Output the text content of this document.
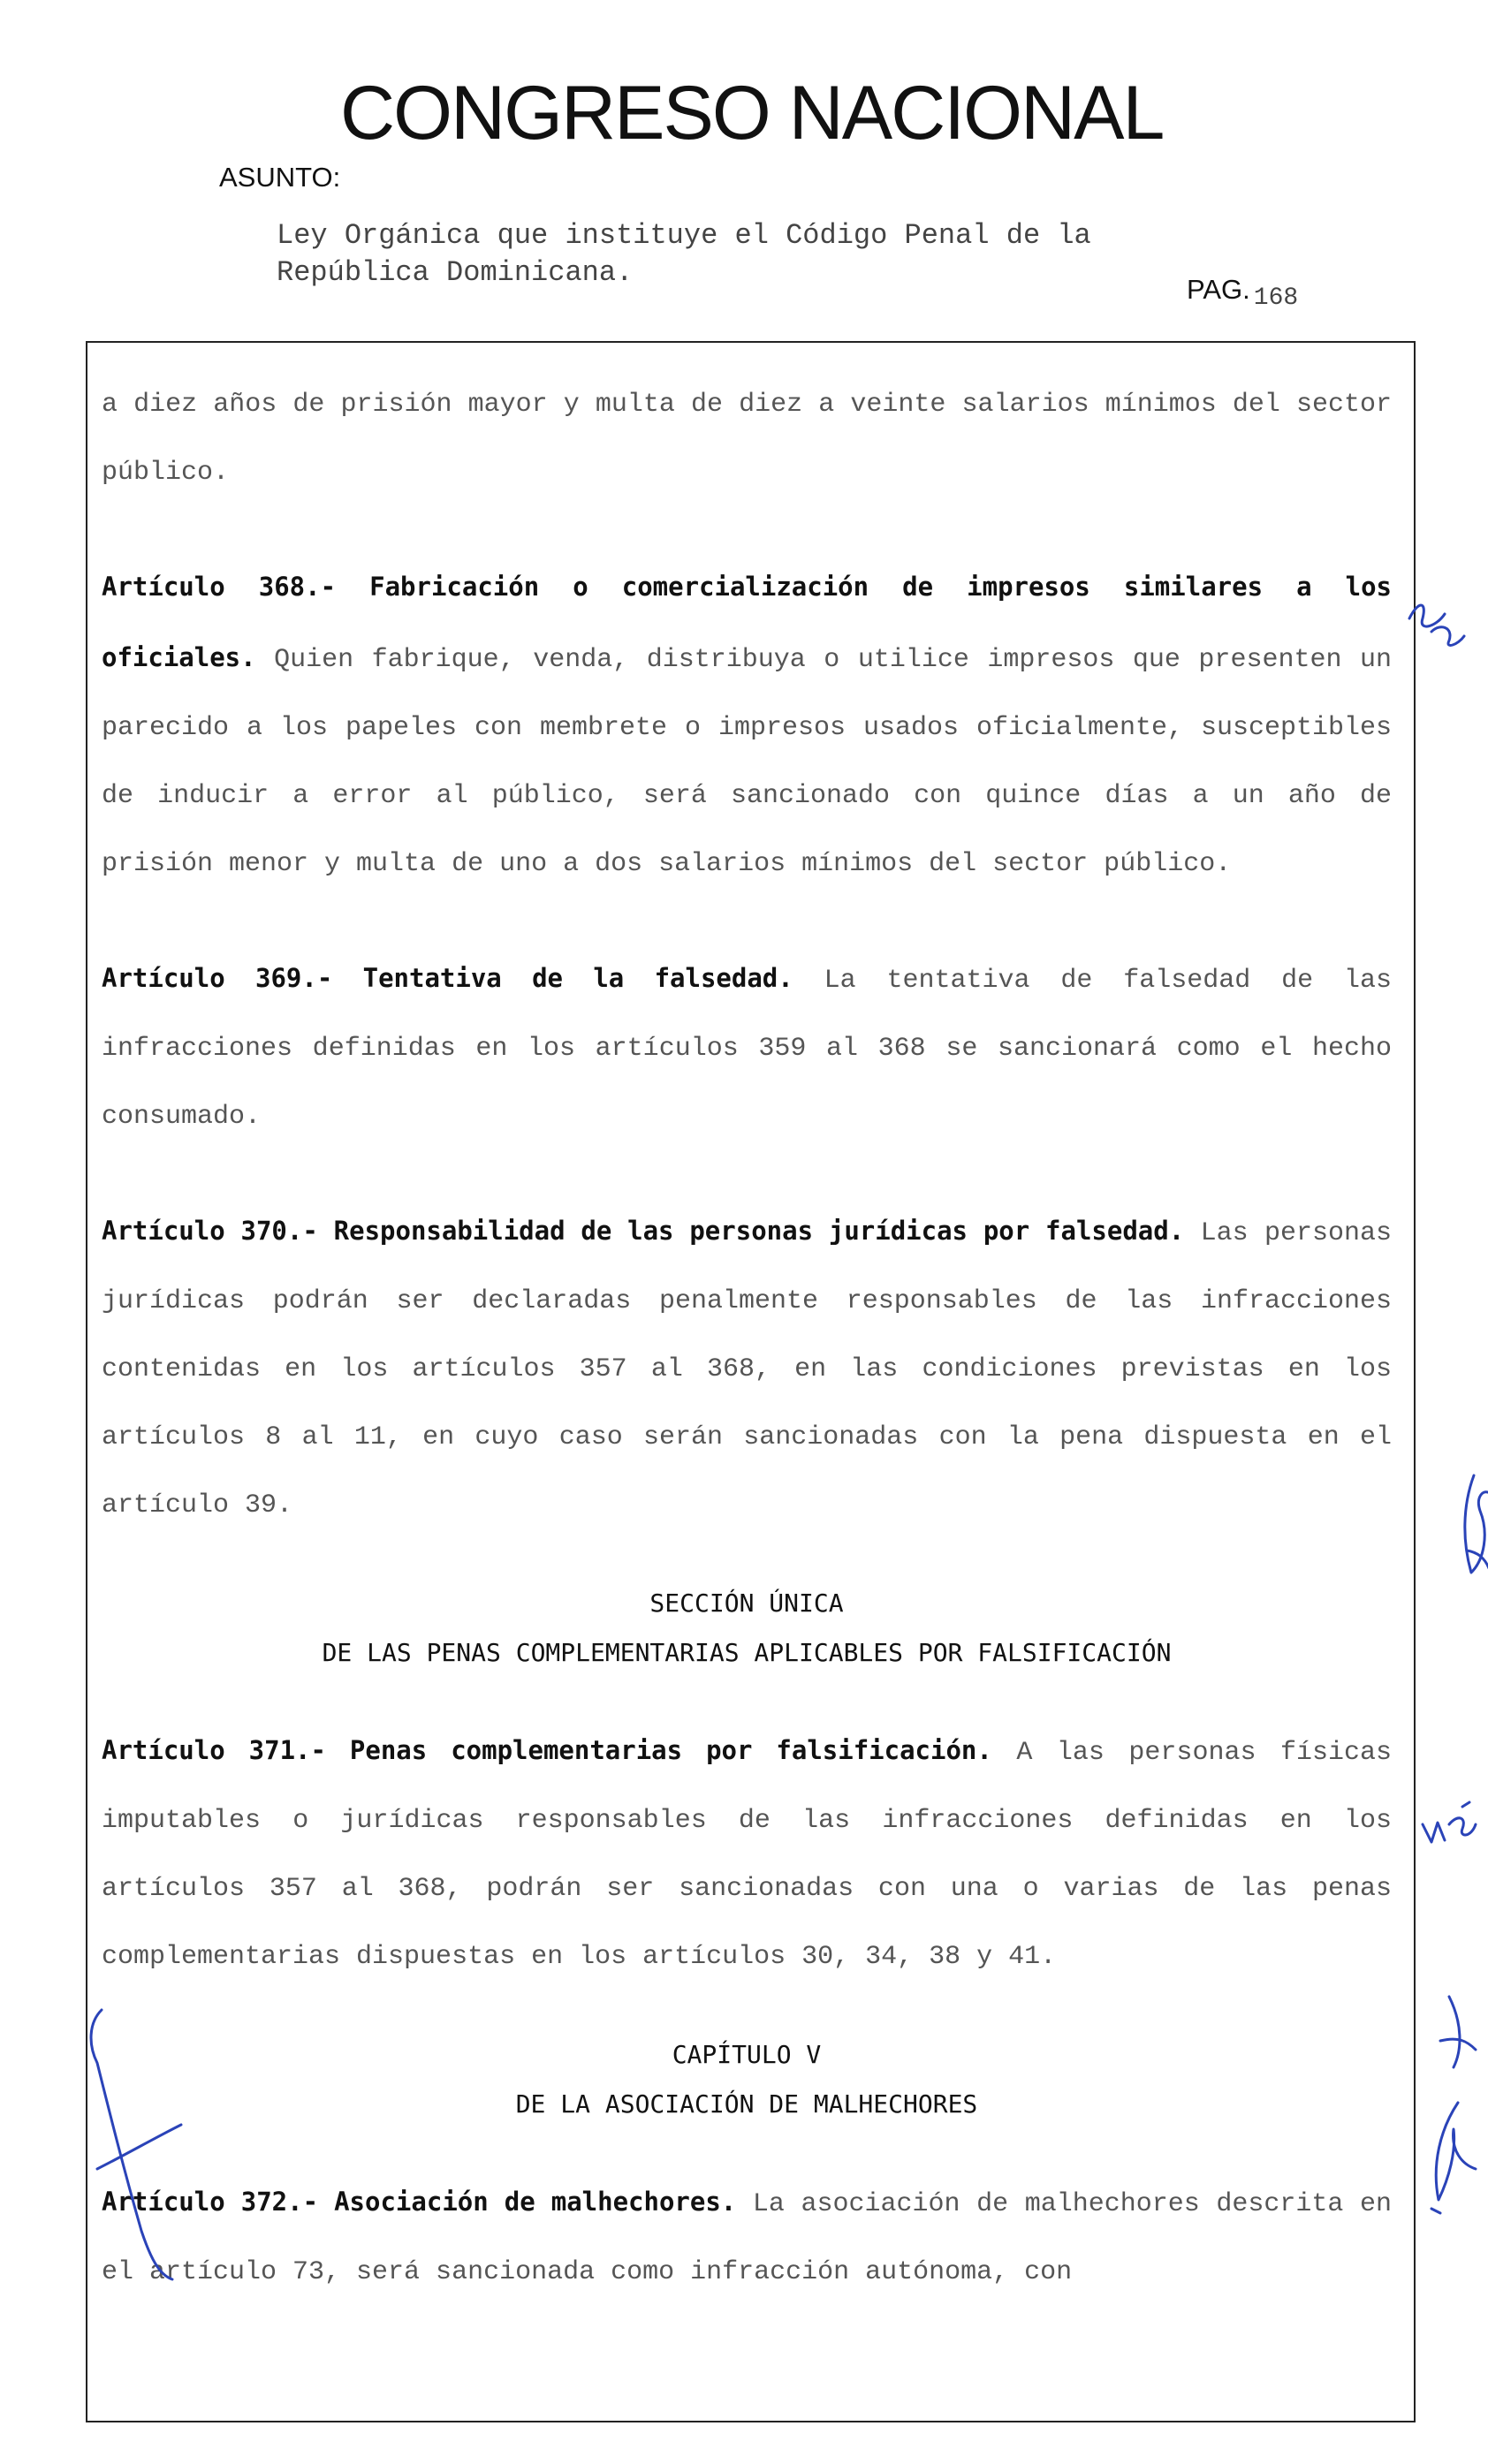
CONGRESO NACIONAL
ASUNTO:
Ley Orgánica que instituye el Código Penal de la
República Dominicana.
PAG. 168

a diez años de prisión mayor y multa de diez a veinte salarios mínimos del sector público.

Artículo 368.- Fabricación o comercialización de impresos similares a los oficiales. Quien fabrique, venda, distribuya o utilice impresos que presenten un parecido a los papeles con membrete o impresos usados oficialmente, susceptibles de inducir a error al público, será sancionado con quince días a un año de prisión menor y multa de uno a dos salarios mínimos del sector público.

Artículo 369.- Tentativa de la falsedad. La tentativa de falsedad de las infracciones definidas en los artículos 359 al 368 se sancionará como el hecho consumado.

Artículo 370.- Responsabilidad de las personas jurídicas por falsedad. Las personas jurídicas podrán ser declaradas penalmente responsables de las infracciones contenidas en los artículos 357 al 368, en las condiciones previstas en los artículos 8 al 11, en cuyo caso serán sancionadas con la pena dispuesta en el artículo 39.

SECCIÓN ÚNICA

DE LAS PENAS COMPLEMENTARIAS APLICABLES POR FALSIFICACIÓN

Artículo 371.- Penas complementarias por falsificación. A las personas físicas imputables o jurídicas responsables de las infracciones definidas en los artículos 357 al 368, podrán ser sancionadas con una o varias de las penas complementarias dispuestas en los artículos 30, 34, 38 y 41.

CAPÍTULO V

DE LA ASOCIACIÓN DE MALHECHORES

Artículo 372.- Asociación de malhechores. La asociación de malhechores descrita en el artículo 73, será sancionada como infracción autónoma, con
